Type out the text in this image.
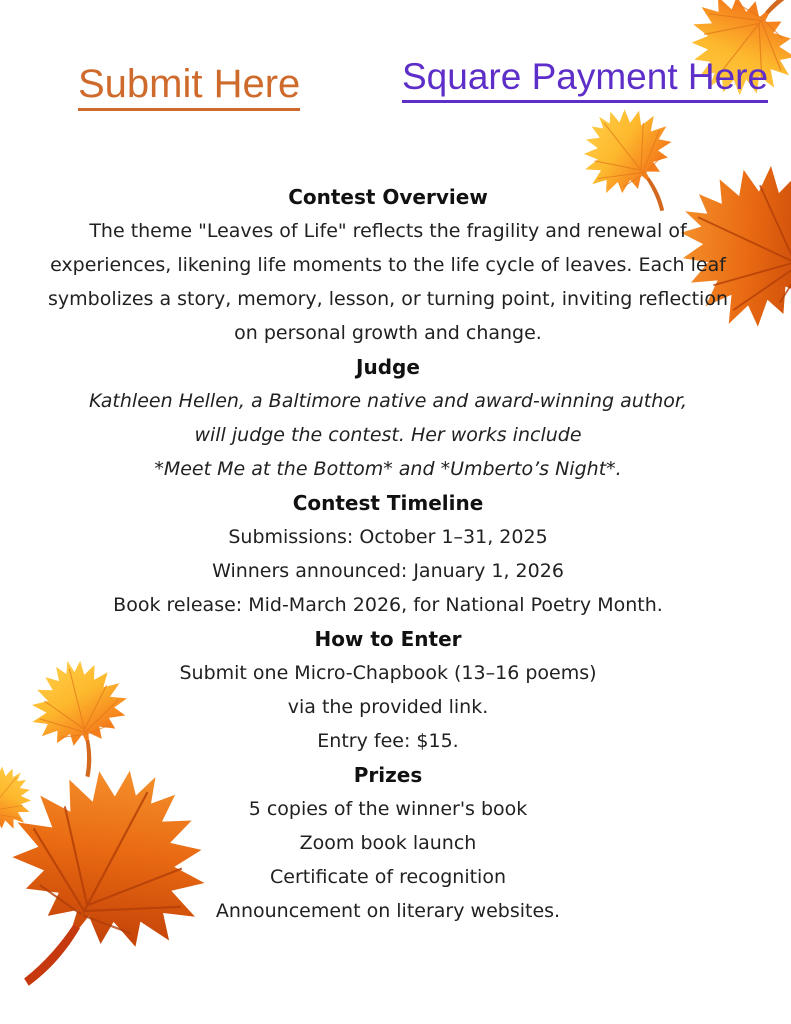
Submit Here	Square Payment Here
Contest Overview
The theme "Leaves of Life" reflects the fragility and renewal of
experiences, likening life moments to the life cycle of leaves. Each leaf
symbolizes a story, memory, lesson, or turning point, inviting reflection
on personal growth and change.
Judge
Kathleen Hellen, a Baltimore native and award-winning author,
will judge the contest. Her works include
*Meet Me at the Bottom* and *Umberto’s Night*.
Contest Timeline
Submissions: October 1–31, 2025
Winners announced: January 1, 2026
Book release: Mid-March 2026, for National Poetry Month.
How to Enter
Submit one Micro-Chapbook (13–16 poems)
via the provided link.
Entry fee: $15.
Prizes
5 copies of the winner's book
Zoom book launch
Certificate of recognition
Announcement on literary websites.
